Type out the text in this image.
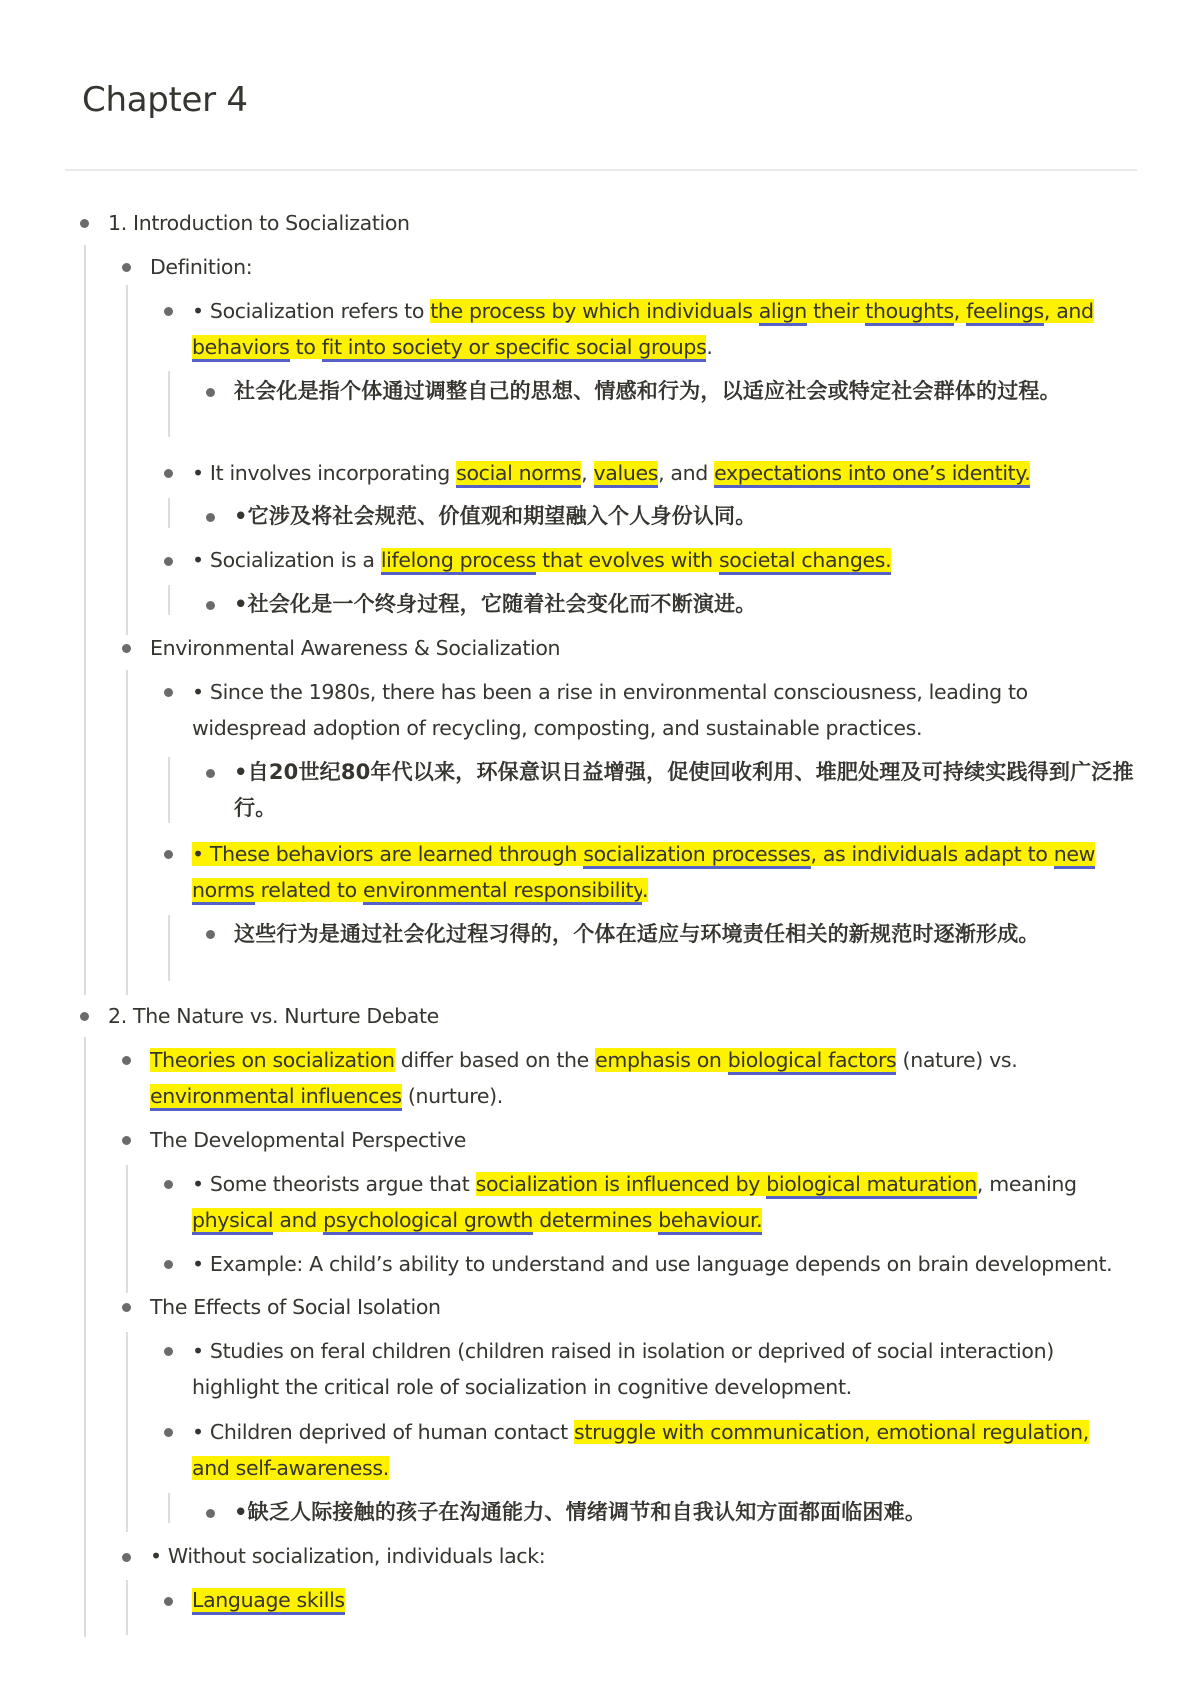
Chapter 4
1. Introduction to Socialization
Definition:

• Socialization refers to the process by which individuals align their thoughts, feelings, and

behaviors to fit into society or specific social groups.

社会化是指个体通过调整自己的思想、情感和行为，以适应社会或特定社会群体的过程。
• It involves incorporating social norms, values, and expectations into one’s identity.
•它涉及将社会规范、价值观和期望融入个人身份认同。
• Socialization is a lifelong process that evolves with societal changes.
•社会化是一个终身过程，它随着社会变化而不断演进。
Environmental Awareness & Socialization

• Since the 1980s, there has been a rise in environmental consciousness, leading to

widespread adoption of recycling, composting, and sustainable practices.

•自20世纪80年代以来，环保意识日益增强，促使回收利用、堆肥处理及可持续实践得到广泛推行。

• These behaviors are learned through socialization processes, as individuals adapt to new

norms related to environmental responsibility.

这些行为是通过社会化过程习得的，个体在适应与环境责任相关的新规范时逐渐形成。
2. The Nature vs. Nurture Debate

Theories on socialization differ based on the emphasis on biological factors (nature) vs.

environmental influences (nurture).

The Developmental Perspective

• Some theorists argue that socialization is influenced by biological maturation, meaning

physical and psychological growth determines behaviour.

• Example: A child’s ability to understand and use language depends on brain development.
The Effects of Social Isolation

• Studies on feral children (children raised in isolation or deprived of social interaction)

highlight the critical role of socialization in cognitive development.

• Children deprived of human contact struggle with communication, emotional regulation,

and self-awareness.

•缺乏人际接触的孩子在沟通能力、情绪调节和自我认知方面都面临困难。
• Without socialization, individuals lack:
Language skills
